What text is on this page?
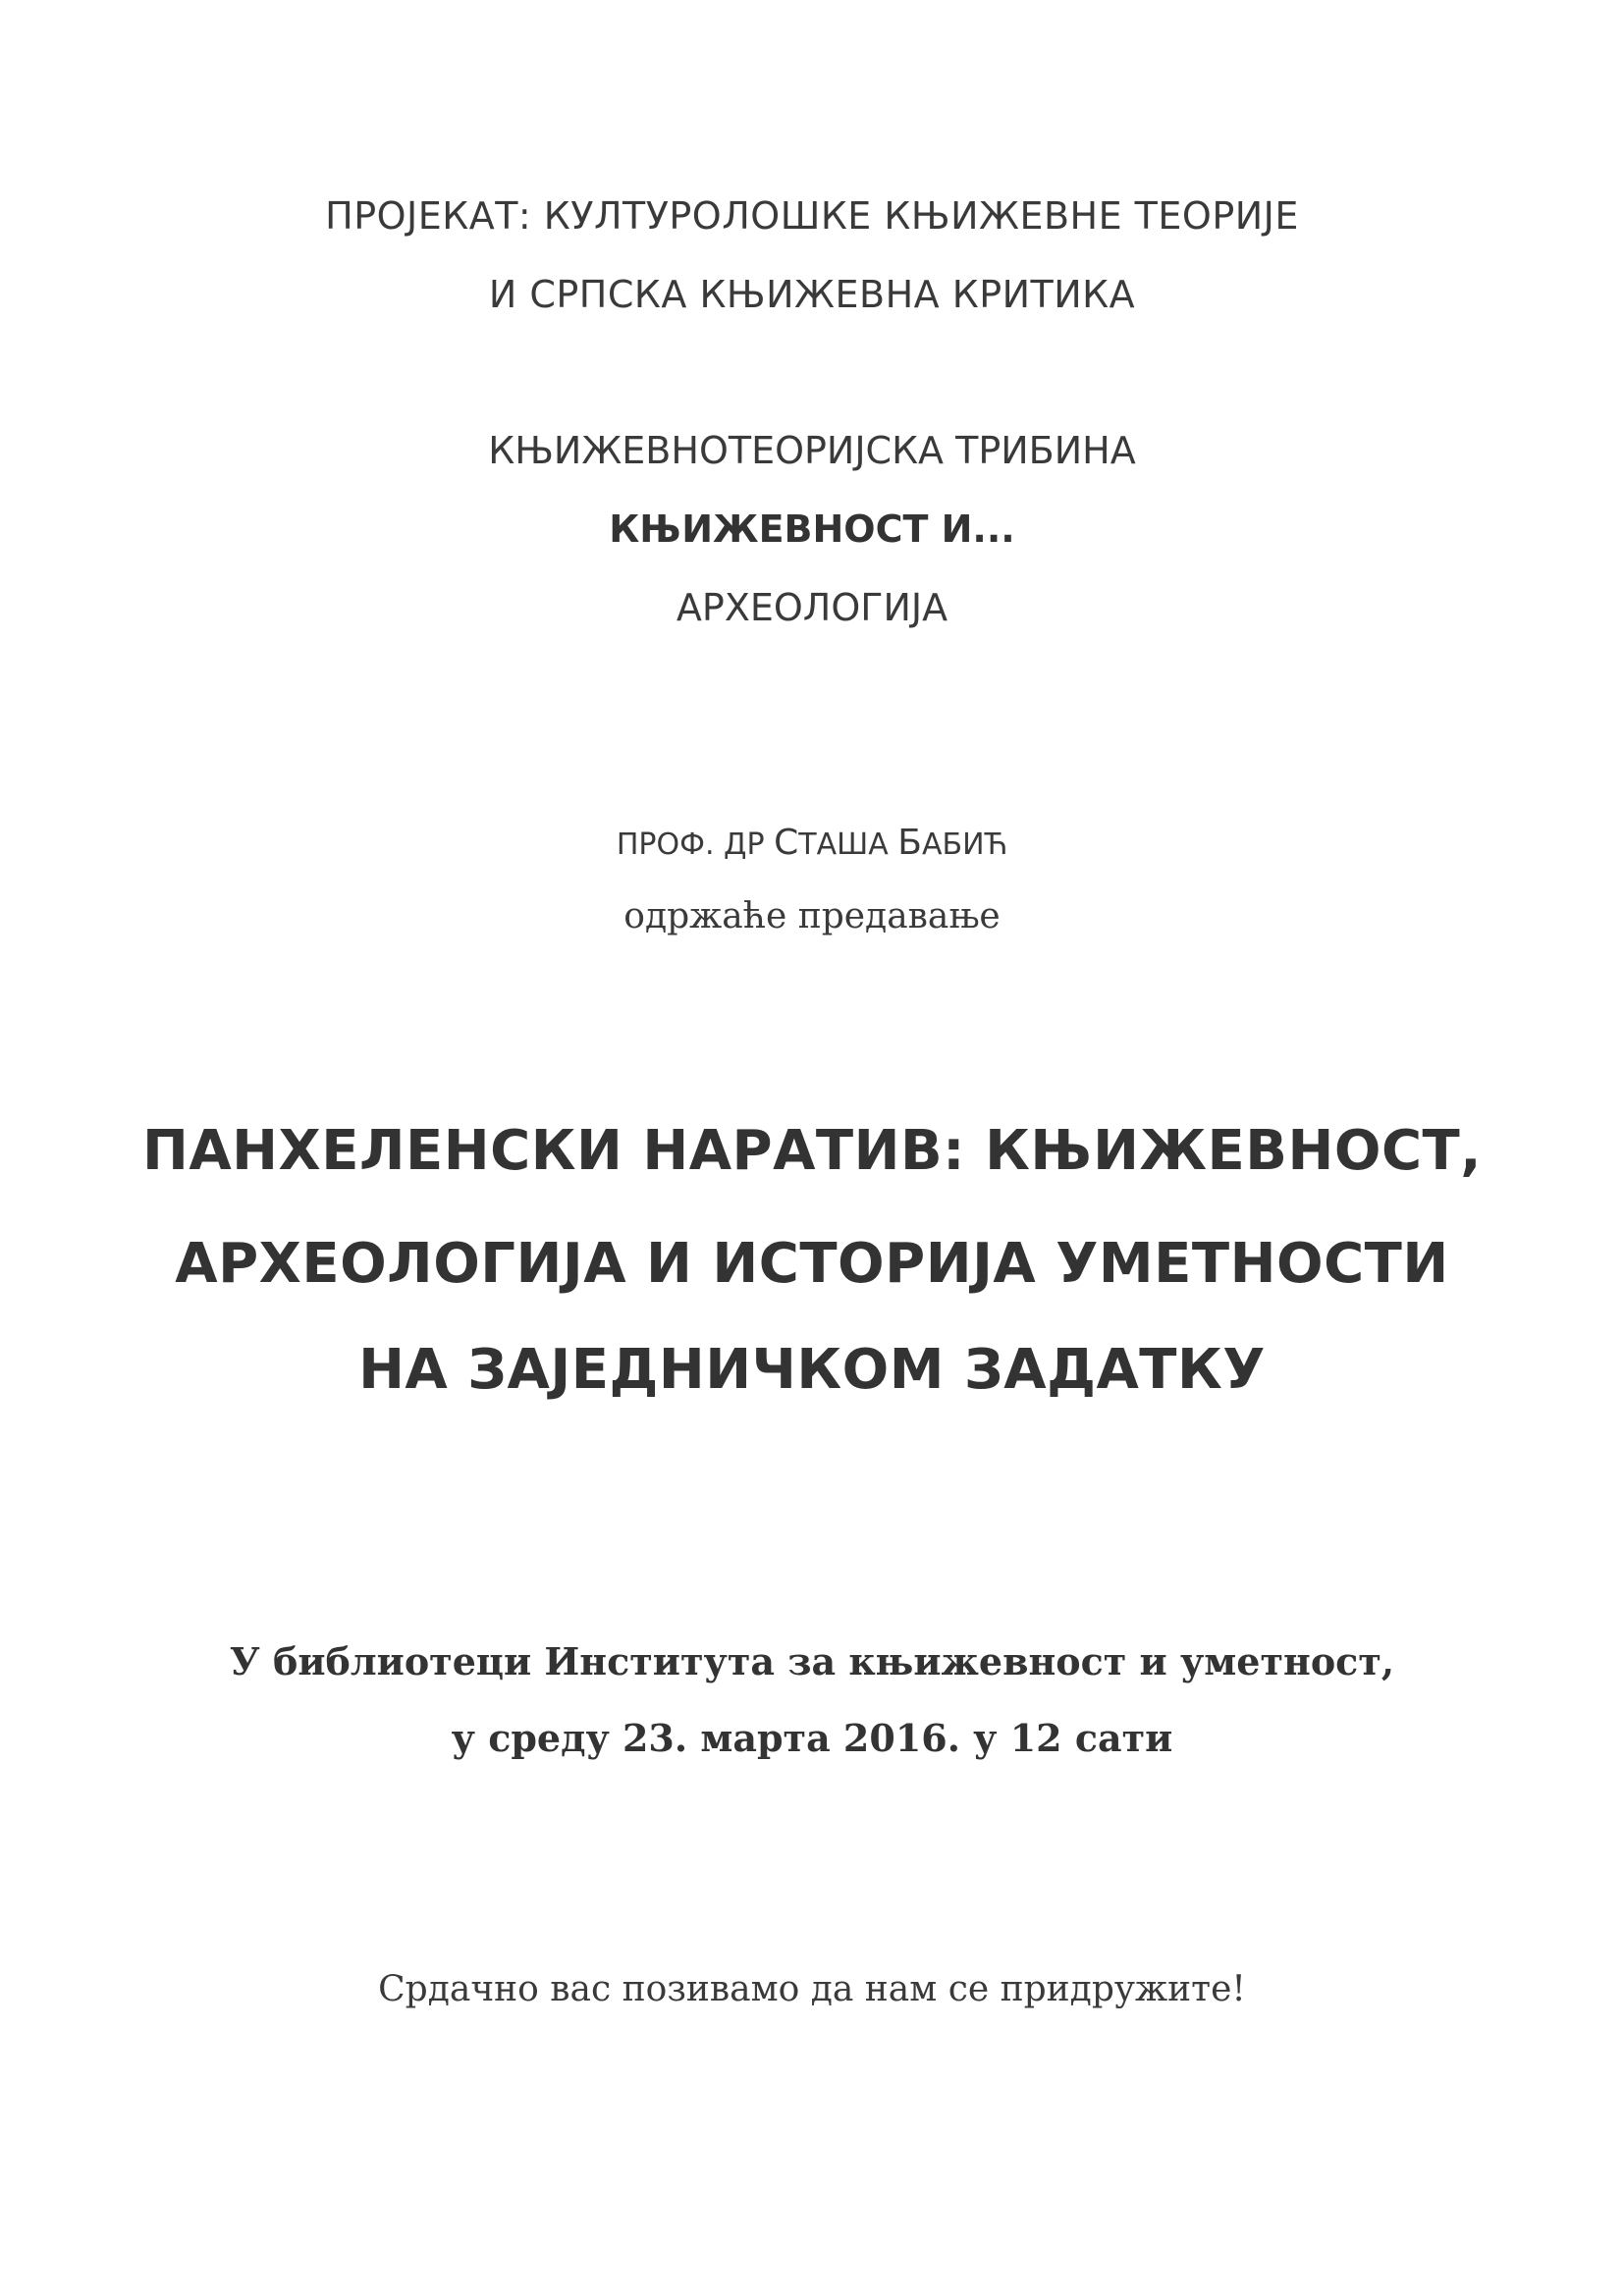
ПРОЈЕКАТ: КУЛТУРОЛОШКЕ КЊИЖЕВНЕ ТЕОРИЈЕ
И СРПСКА КЊИЖЕВНА КРИТИКА
КЊИЖЕВНОТЕОРИЈСКА ТРИБИНА
КЊИЖЕВНОСТ И...
АРХЕОЛОГИЈА
ПРОФ. ДР СТАША БАБИЋ
одржаће предавање
ПАНХЕЛЕНСКИ НАРАТИВ: КЊИЖЕВНОСТ,
АРХЕОЛОГИЈА И ИСТОРИЈА УМЕТНОСТИ
НА ЗАЈЕДНИЧКОМ ЗАДАТКУ
У библиотеци Института за књижевност и уметност,
у среду 23. марта 2016. у 12 сати
Срдачно вас позивамо да нам се придружите!
